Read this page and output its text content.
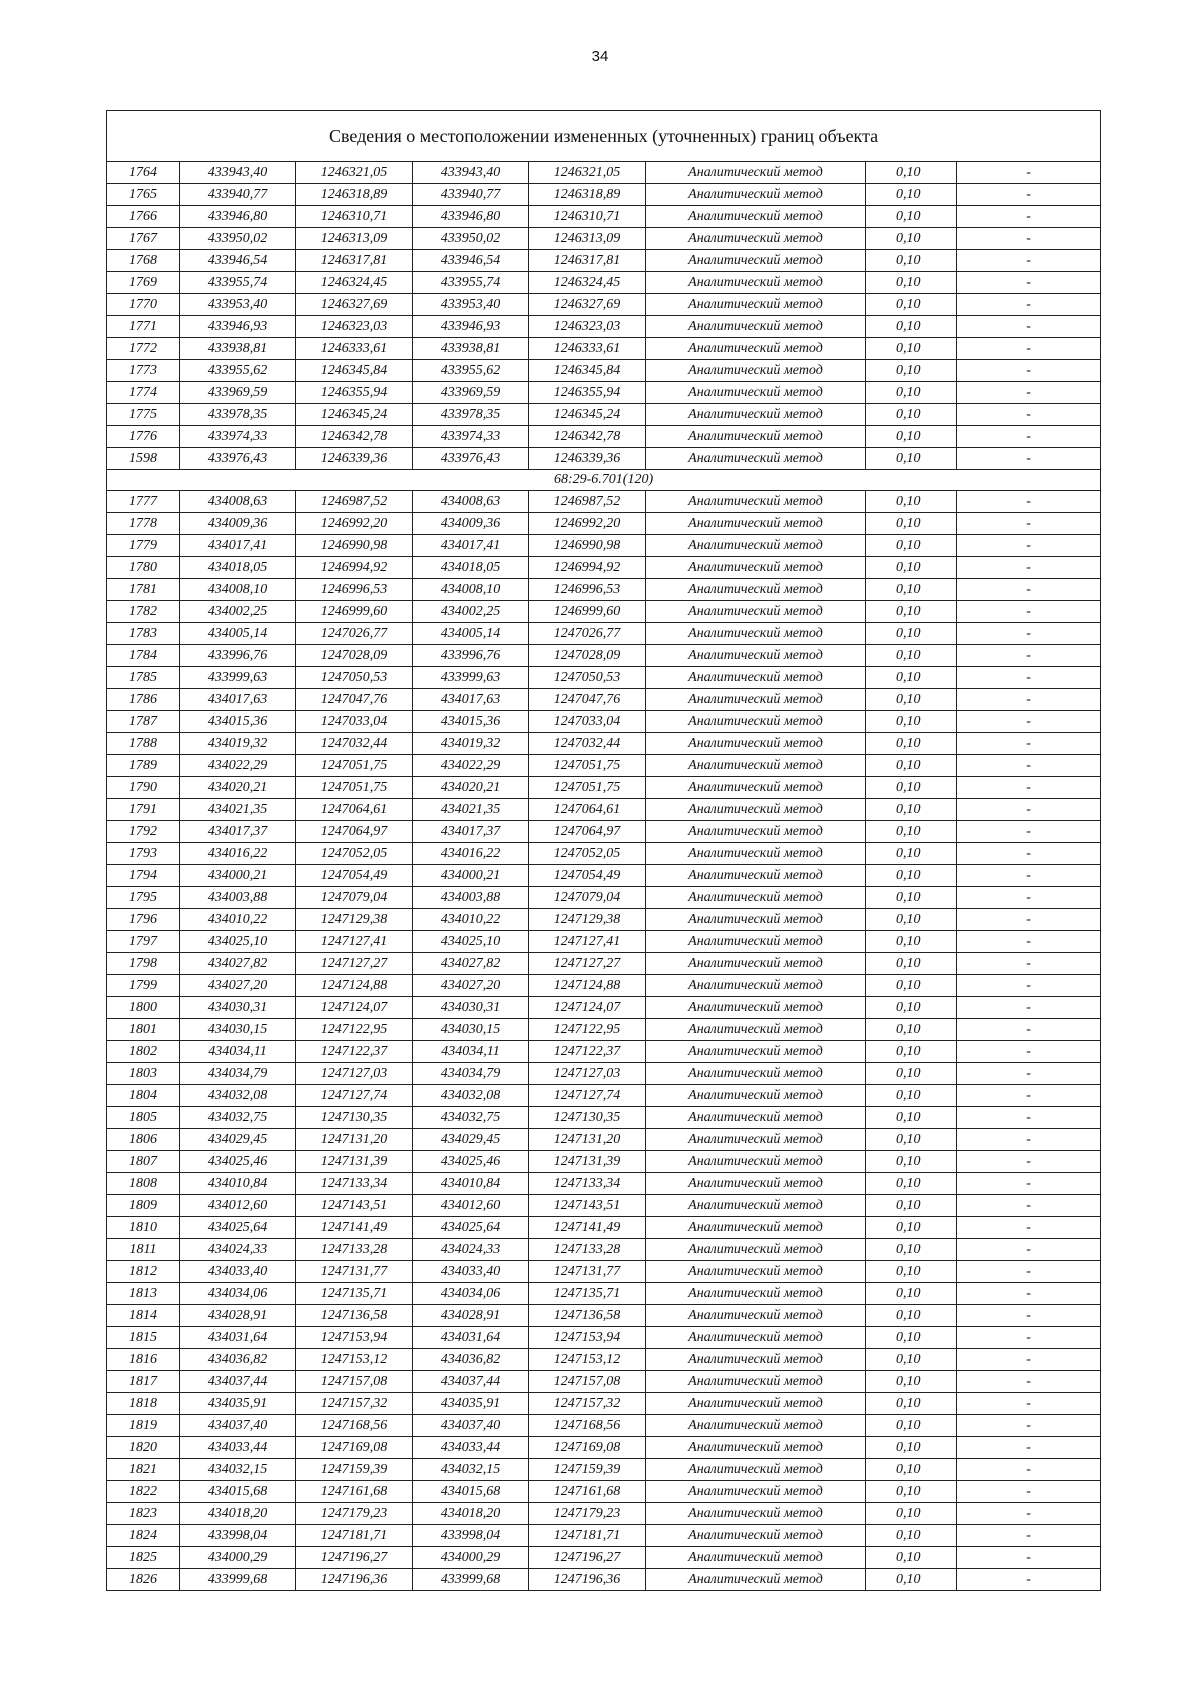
34
Сведения о местоположении измененных (уточненных) границ объекта							
1764	433943,40	1246321,05	433943,40	1246321,05	Аналитический метод	0,10	-
1765	433940,77	1246318,89	433940,77	1246318,89	Аналитический метод	0,10	-
1766	433946,80	1246310,71	433946,80	1246310,71	Аналитический метод	0,10	-
1767	433950,02	1246313,09	433950,02	1246313,09	Аналитический метод	0,10	-
1768	433946,54	1246317,81	433946,54	1246317,81	Аналитический метод	0,10	-
1769	433955,74	1246324,45	433955,74	1246324,45	Аналитический метод	0,10	-
1770	433953,40	1246327,69	433953,40	1246327,69	Аналитический метод	0,10	-
1771	433946,93	1246323,03	433946,93	1246323,03	Аналитический метод	0,10	-
1772	433938,81	1246333,61	433938,81	1246333,61	Аналитический метод	0,10	-
1773	433955,62	1246345,84	433955,62	1246345,84	Аналитический метод	0,10	-
1774	433969,59	1246355,94	433969,59	1246355,94	Аналитический метод	0,10	-
1775	433978,35	1246345,24	433978,35	1246345,24	Аналитический метод	0,10	-
1776	433974,33	1246342,78	433974,33	1246342,78	Аналитический метод	0,10	-
1598	433976,43	1246339,36	433976,43	1246339,36	Аналитический метод	0,10	-
68:29-6.701(120)							
1777	434008,63	1246987,52	434008,63	1246987,52	Аналитический метод	0,10	-
1778	434009,36	1246992,20	434009,36	1246992,20	Аналитический метод	0,10	-
1779	434017,41	1246990,98	434017,41	1246990,98	Аналитический метод	0,10	-
1780	434018,05	1246994,92	434018,05	1246994,92	Аналитический метод	0,10	-
1781	434008,10	1246996,53	434008,10	1246996,53	Аналитический метод	0,10	-
1782	434002,25	1246999,60	434002,25	1246999,60	Аналитический метод	0,10	-
1783	434005,14	1247026,77	434005,14	1247026,77	Аналитический метод	0,10	-
1784	433996,76	1247028,09	433996,76	1247028,09	Аналитический метод	0,10	-
1785	433999,63	1247050,53	433999,63	1247050,53	Аналитический метод	0,10	-
1786	434017,63	1247047,76	434017,63	1247047,76	Аналитический метод	0,10	-
1787	434015,36	1247033,04	434015,36	1247033,04	Аналитический метод	0,10	-
1788	434019,32	1247032,44	434019,32	1247032,44	Аналитический метод	0,10	-
1789	434022,29	1247051,75	434022,29	1247051,75	Аналитический метод	0,10	-
1790	434020,21	1247051,75	434020,21	1247051,75	Аналитический метод	0,10	-
1791	434021,35	1247064,61	434021,35	1247064,61	Аналитический метод	0,10	-
1792	434017,37	1247064,97	434017,37	1247064,97	Аналитический метод	0,10	-
1793	434016,22	1247052,05	434016,22	1247052,05	Аналитический метод	0,10	-
1794	434000,21	1247054,49	434000,21	1247054,49	Аналитический метод	0,10	-
1795	434003,88	1247079,04	434003,88	1247079,04	Аналитический метод	0,10	-
1796	434010,22	1247129,38	434010,22	1247129,38	Аналитический метод	0,10	-
1797	434025,10	1247127,41	434025,10	1247127,41	Аналитический метод	0,10	-
1798	434027,82	1247127,27	434027,82	1247127,27	Аналитический метод	0,10	-
1799	434027,20	1247124,88	434027,20	1247124,88	Аналитический метод	0,10	-
1800	434030,31	1247124,07	434030,31	1247124,07	Аналитический метод	0,10	-
1801	434030,15	1247122,95	434030,15	1247122,95	Аналитический метод	0,10	-
1802	434034,11	1247122,37	434034,11	1247122,37	Аналитический метод	0,10	-
1803	434034,79	1247127,03	434034,79	1247127,03	Аналитический метод	0,10	-
1804	434032,08	1247127,74	434032,08	1247127,74	Аналитический метод	0,10	-
1805	434032,75	1247130,35	434032,75	1247130,35	Аналитический метод	0,10	-
1806	434029,45	1247131,20	434029,45	1247131,20	Аналитический метод	0,10	-
1807	434025,46	1247131,39	434025,46	1247131,39	Аналитический метод	0,10	-
1808	434010,84	1247133,34	434010,84	1247133,34	Аналитический метод	0,10	-
1809	434012,60	1247143,51	434012,60	1247143,51	Аналитический метод	0,10	-
1810	434025,64	1247141,49	434025,64	1247141,49	Аналитический метод	0,10	-
1811	434024,33	1247133,28	434024,33	1247133,28	Аналитический метод	0,10	-
1812	434033,40	1247131,77	434033,40	1247131,77	Аналитический метод	0,10	-
1813	434034,06	1247135,71	434034,06	1247135,71	Аналитический метод	0,10	-
1814	434028,91	1247136,58	434028,91	1247136,58	Аналитический метод	0,10	-
1815	434031,64	1247153,94	434031,64	1247153,94	Аналитический метод	0,10	-
1816	434036,82	1247153,12	434036,82	1247153,12	Аналитический метод	0,10	-
1817	434037,44	1247157,08	434037,44	1247157,08	Аналитический метод	0,10	-
1818	434035,91	1247157,32	434035,91	1247157,32	Аналитический метод	0,10	-
1819	434037,40	1247168,56	434037,40	1247168,56	Аналитический метод	0,10	-
1820	434033,44	1247169,08	434033,44	1247169,08	Аналитический метод	0,10	-
1821	434032,15	1247159,39	434032,15	1247159,39	Аналитический метод	0,10	-
1822	434015,68	1247161,68	434015,68	1247161,68	Аналитический метод	0,10	-
1823	434018,20	1247179,23	434018,20	1247179,23	Аналитический метод	0,10	-
1824	433998,04	1247181,71	433998,04	1247181,71	Аналитический метод	0,10	-
1825	434000,29	1247196,27	434000,29	1247196,27	Аналитический метод	0,10	-
1826	433999,68	1247196,36	433999,68	1247196,36	Аналитический метод	0,10	-
